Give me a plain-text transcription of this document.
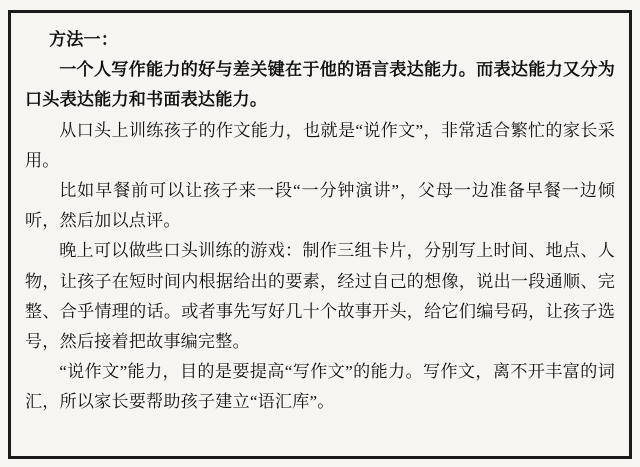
方法一：

一个人写作能力的好与差关键在于他的语言表达能力。而表达能力又分为口头表达能力和书面表达能力。

从口头上训练孩子的作文能力，也就是“说作文”，非常适合繁忙的家长采用。

比如早餐前可以让孩子来一段“一分钟演讲”，父母一边准备早餐一边倾听，然后加以点评。

晚上可以做些口头训练的游戏：制作三组卡片，分别写上时间、地点、人物，让孩子在短时间内根据给出的要素，经过自己的想像，说出一段通顺、完整、合乎情理的话。或者事先写好几十个故事开头，给它们编号码，让孩子选号，然后接着把故事编完整。

“说作文”能力，目的是要提高“写作文”的能力。写作文，离不开丰富的词汇，所以家长要帮助孩子建立“语汇库”。
